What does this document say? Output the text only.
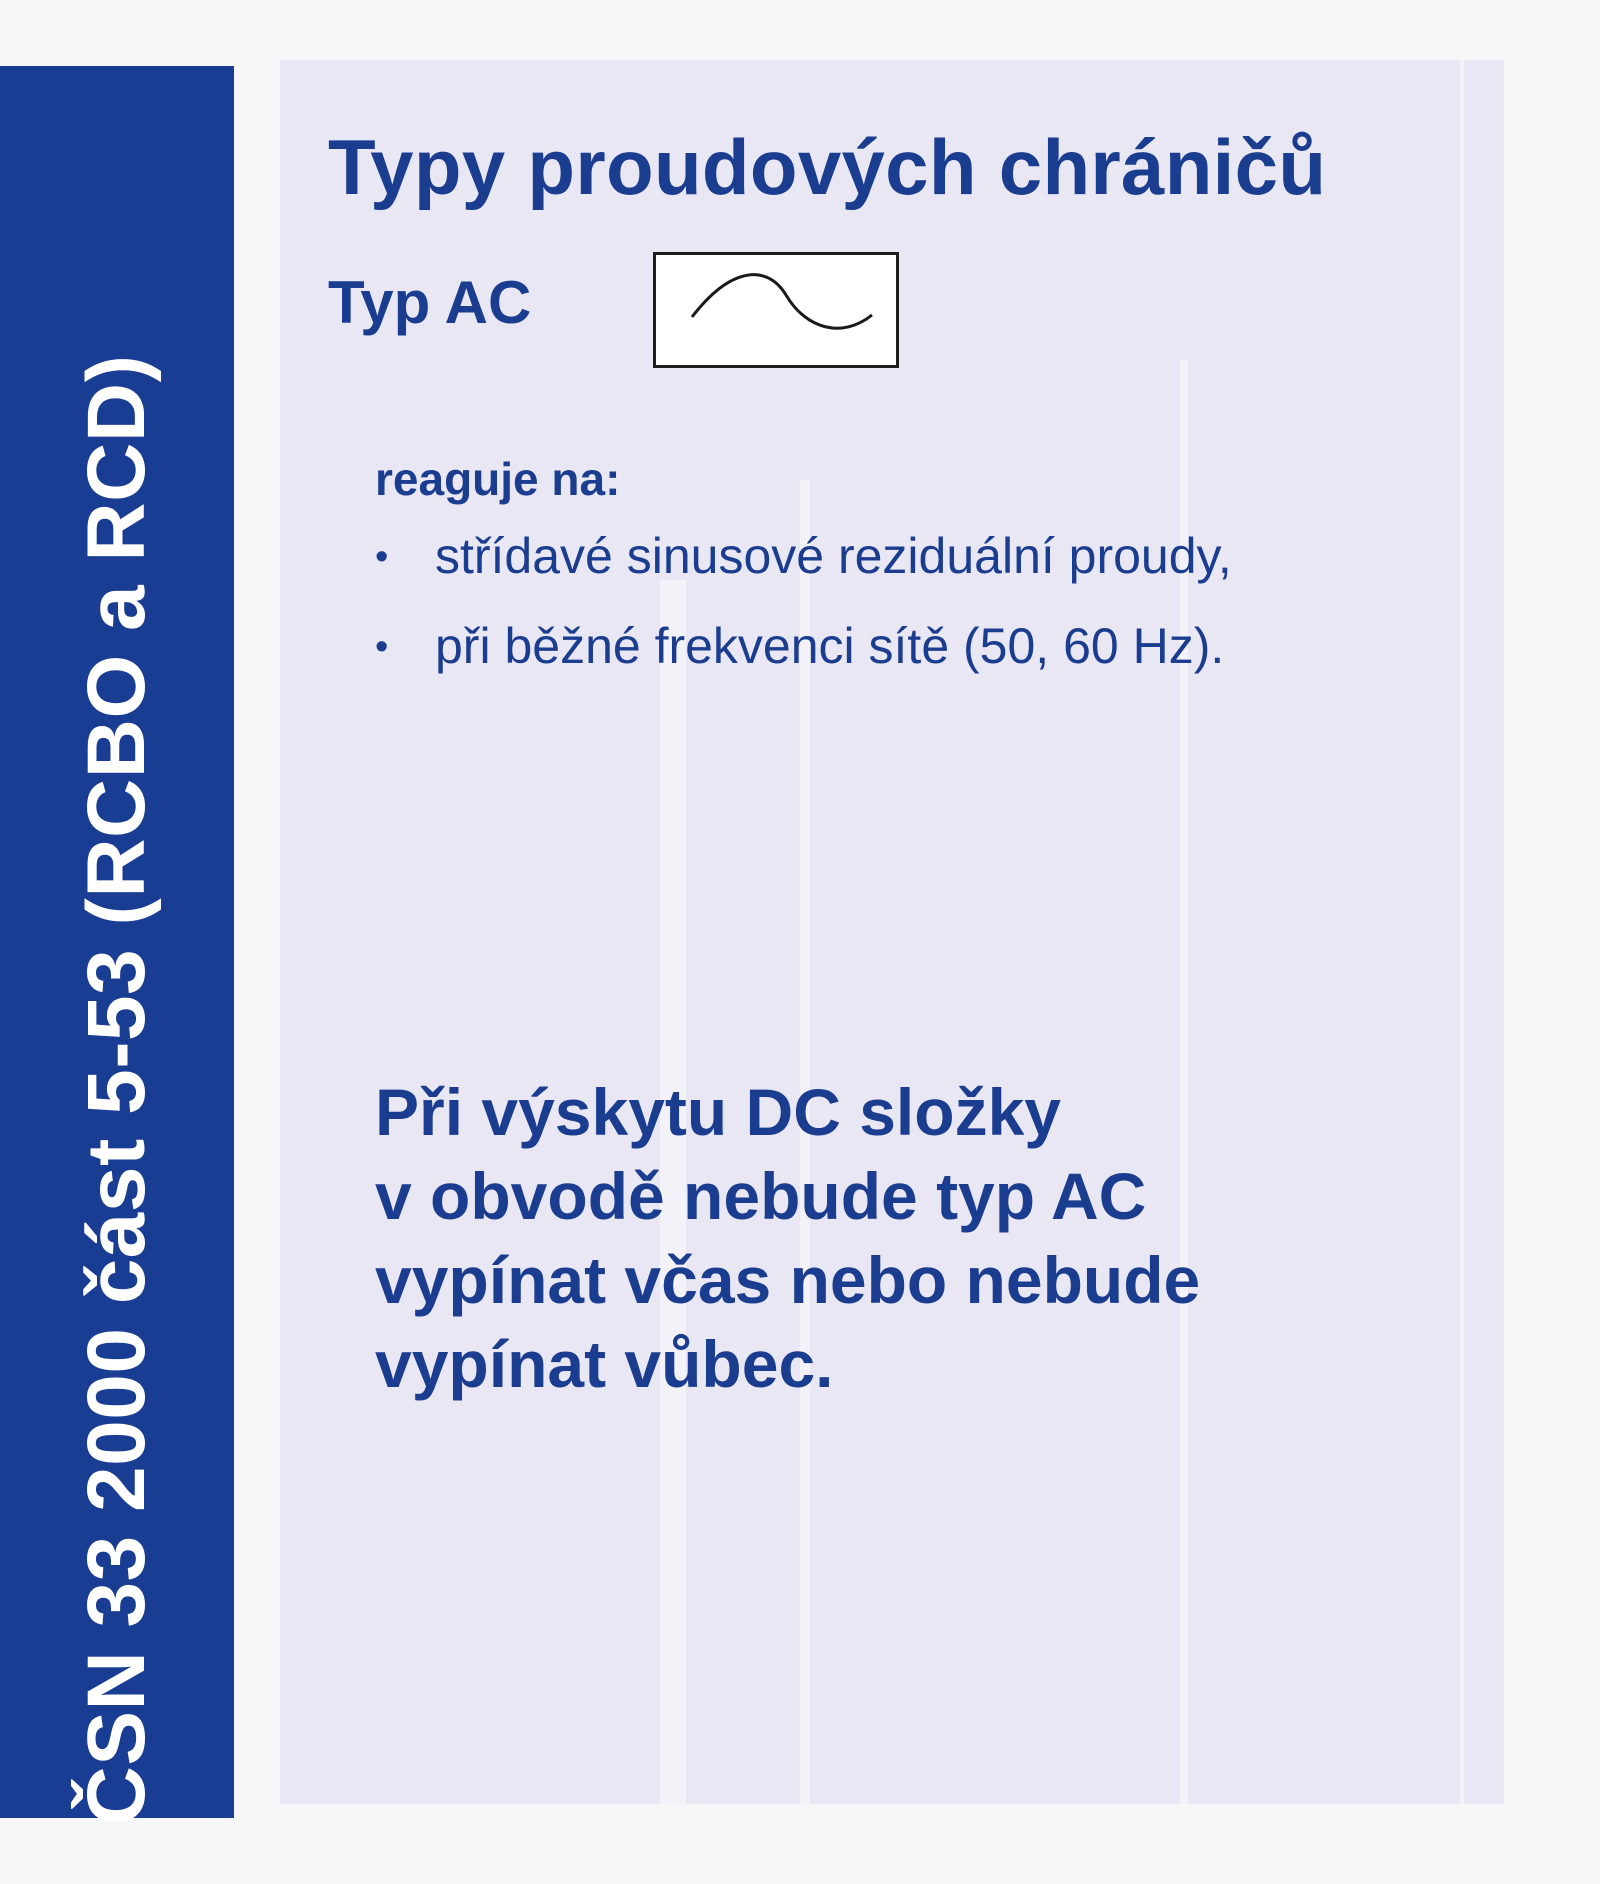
ČSN 33 2000 část 5-53 (RCBO a RCD)
Typy proudových chráničů
Typ AC
reaguje na:
• střídavé sinusové reziduální proudy,
• při běžné frekvenci sítě (50, 60 Hz).

Při výskytu DC složky
v obvodě nebude typ AC
vypínat včas nebo nebude
vypínat vůbec.
